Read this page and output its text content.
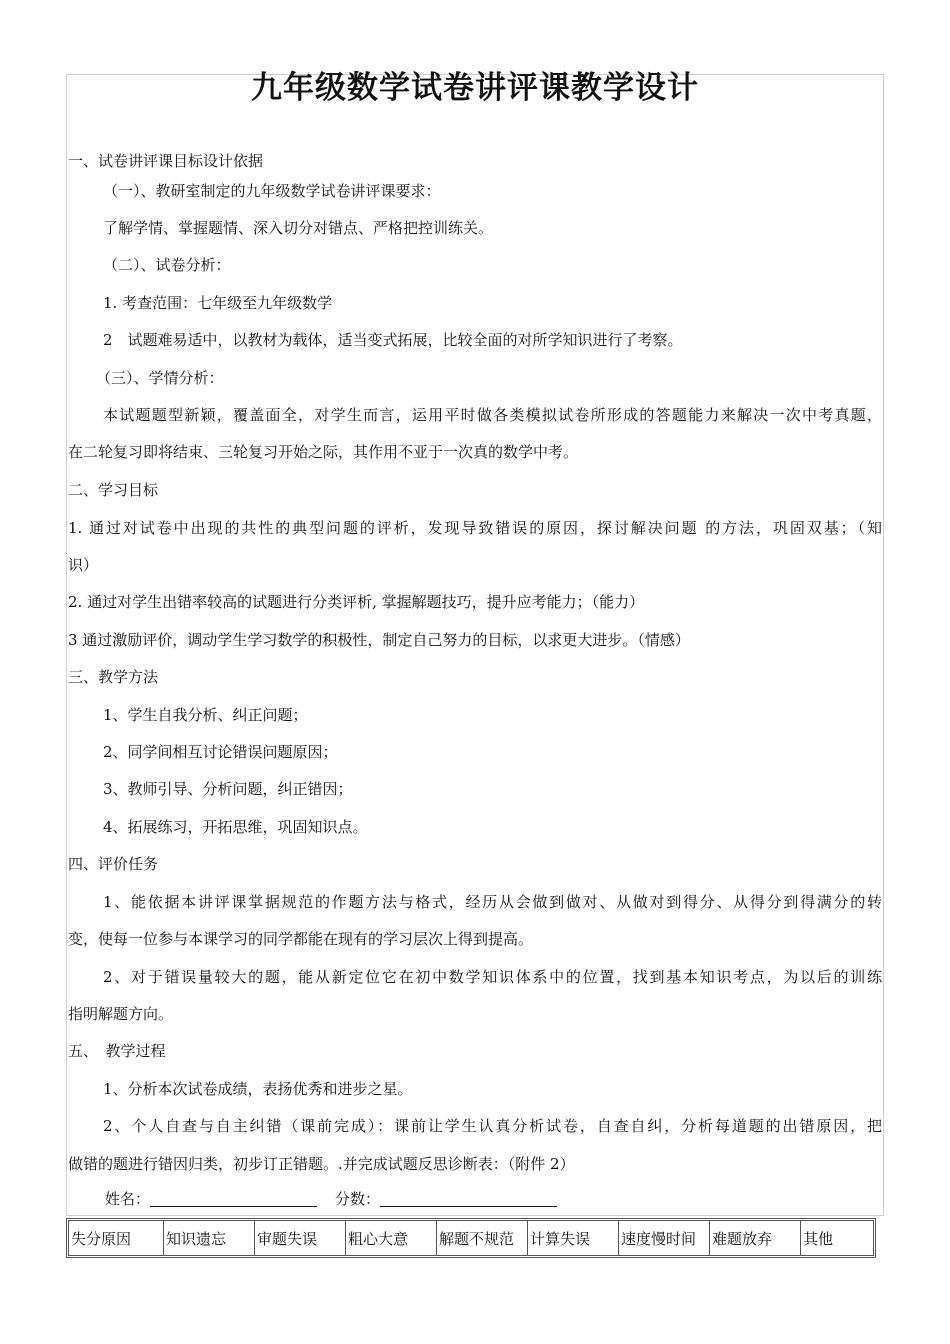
九年级数学试卷讲评课教学设计
一、试卷讲评课目标设计依据
（一）、教研室制定的九年级数学试卷讲评课要求：
了解学情、掌握题情、深入切分对错点、严格把控训练关。
（二）、试卷分析：
1. 考查范围：七年级至九年级数学
2　试题难易适中，以教材为载体，适当变式拓展，比较全面的对所学知识进行了考察。
（三）、学情分析：
本试题题型新颖，覆盖面全，对学生而言，运用平时做各类模拟试卷所形成的答题能力来解决一次中考真题，
在二轮复习即将结束、三轮复习开始之际，其作用不亚于一次真的数学中考。
二、学习目标
1. 通过对试卷中出现的共性的典型问题的评析，发现导致错误的原因，探讨解决问题 的方法，巩固双基；（知
识）
2. 通过对学生出错率较高的试题进行分类评析, 掌握解题技巧，提升应考能力；（能力）
3 通过激励评价，调动学生学习数学的积极性，制定自己努力的目标，以求更大进步。（情感）
三、教学方法
1、学生自我分析、纠正问题；
2、同学间相互讨论错误问题原因；
3、教师引导、分析问题，纠正错因；
4、拓展练习，开拓思维，巩固知识点。
四、评价任务
1、能依据本讲评课掌据规范的作题方法与格式，经历从会做到做对、从做对到得分、从得分到得满分的转
变，使每一位参与本课学习的同学都能在现有的学习层次上得到提高。
2、对于错误量较大的题，能从新定位它在初中数学知识体系中的位置，找到基本知识考点，为以后的训练
指明解题方向。
五、　教学过程
1、分析本次试卷成绩，表扬优秀和进步之星。
2、个人自查与自主纠错（课前完成）：课前让学生认真分析试卷，自查自纠，分析每道题的出错原因，把
做错的题进行错因归类，初步订正错题。.并完成试题反思诊断表：（附件 2）
姓名：	分数：
失分原因	知识遗忘	审题失误	粗心大意	解题不规范	计算失误	速度慢时间	难题放弃	其他
